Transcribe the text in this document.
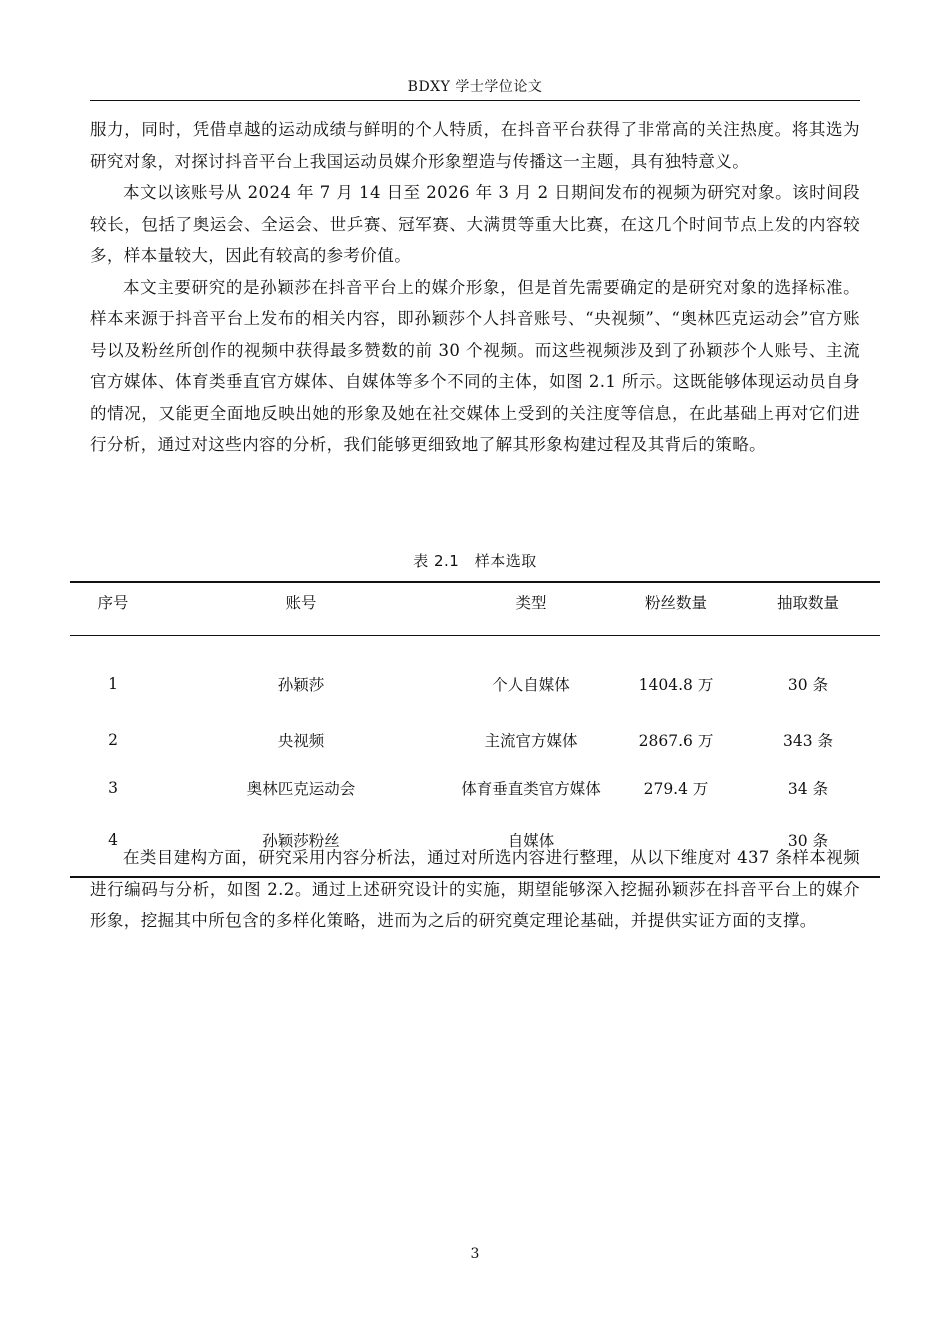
BDXY 学士学位论文

服力，同时，凭借卓越的运动成绩与鲜明的个人特质，在抖音平台获得了非常高的关注热度。将其选为研究对象，对探讨抖音平台上我国运动员媒介形象塑造与传播这一主题，具有独特意义。

本文以该账号从 2024 年 7 月 14 日至 2026 年 3 月 2 日期间发布的视频为研究对象。该时间段较长，包括了奥运会、全运会、世乒赛、冠军赛、大满贯等重大比赛，在这几个时间节点上发的内容较多，样本量较大，因此有较高的参考价值。

本文主要研究的是孙颖莎在抖音平台上的媒介形象，但是首先需要确定的是研究对象的选择标准。样本来源于抖音平台上发布的相关内容，即孙颖莎个人抖音账号、“央视频”、“奥林匹克运动会”官方账号以及粉丝所创作的视频中获得最多赞数的前 30 个视频。而这些视频涉及到了孙颖莎个人账号、主流官方媒体、体育类垂直官方媒体、自媒体等多个不同的主体，如图 2.1 所示。这既能够体现运动员自身的情况，又能更全面地反映出她的形象及她在社交媒体上受到的关注度等信息，在此基础上再对它们进行分析，通过对这些内容的分析，我们能够更细致地了解其形象构建过程及其背后的策略。

表 2.1　样本选取
序号	账号	类型	粉丝数量	抽取数量
1	孙颖莎	个人自媒体	1404.8 万	30 条
2	央视频	主流官方媒体	2867.6 万	343 条
3	奥林匹克运动会	体育垂直类官方媒体	279.4 万	34 条
4	孙颖莎粉丝	自媒体		30 条

在类目建构方面，研究采用内容分析法，通过对所选内容进行整理，从以下维度对 437 条样本视频进行编码与分析，如图 2.2。通过上述研究设计的实施，期望能够深入挖掘孙颖莎在抖音平台上的媒介形象，挖掘其中所包含的多样化策略，进而为之后的研究奠定理论基础，并提供实证方面的支撑。

3
